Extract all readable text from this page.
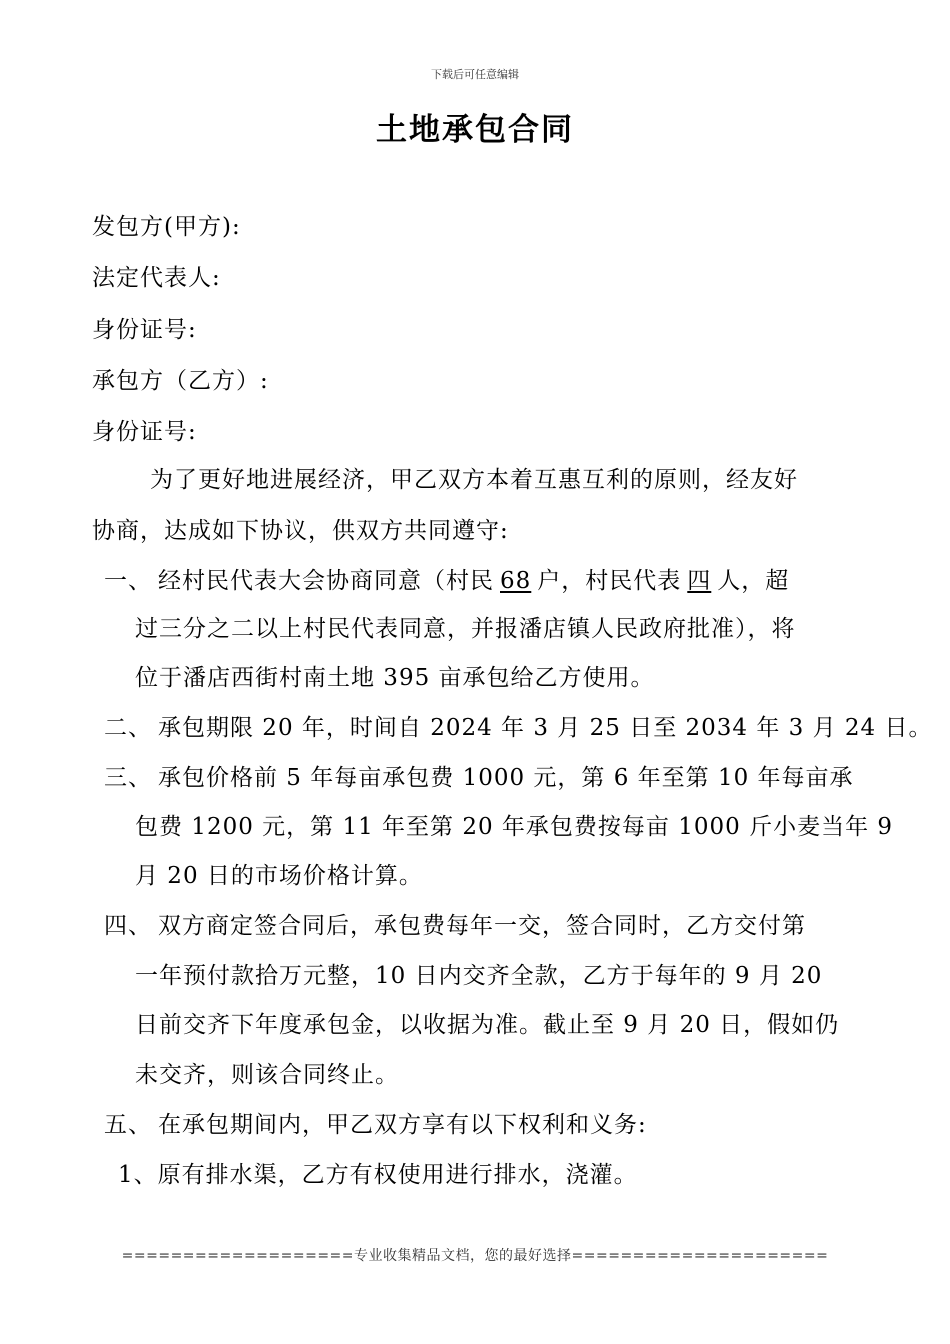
下载后可任意编辑
土地承包合同
发包方(甲方):
法定代表人:
身份证号:
承包方（乙方）:
身份证号:
为了更好地进展经济，甲乙双方本着互惠互利的原则，经友好
协商，达成如下协议，供双方共同遵守:
一、 经村民代表大会协商同意（村民 68 户，村民代表 四 人，超
过三分之二以上村民代表同意，并报潘店镇人民政府批准），将
位于潘店西街村南土地 395 亩承包给乙方使用。
二、 承包期限 20 年，时间自 2024 年 3 月 25 日至 2034 年 3 月 24 日。
三、 承包价格前 5 年每亩承包费 1000 元，第 6 年至第 10 年每亩承
包费 1200 元，第 11 年至第 20 年承包费按每亩 1000 斤小麦当年 9
月 20 日的市场价格计算。
四、 双方商定签合同后，承包费每年一交，签合同时，乙方交付第
一年预付款拾万元整，10 日内交齐全款，乙方于每年的 9 月 20
日前交齐下年度承包金，以收据为准。截止至 9 月 20 日，假如仍
未交齐，则该合同终止。
五、 在承包期间内，甲乙双方享有以下权利和义务:
1、原有排水渠，乙方有权使用进行排水，浇灌。
===================专业收集精品文档，您的最好选择=====================
